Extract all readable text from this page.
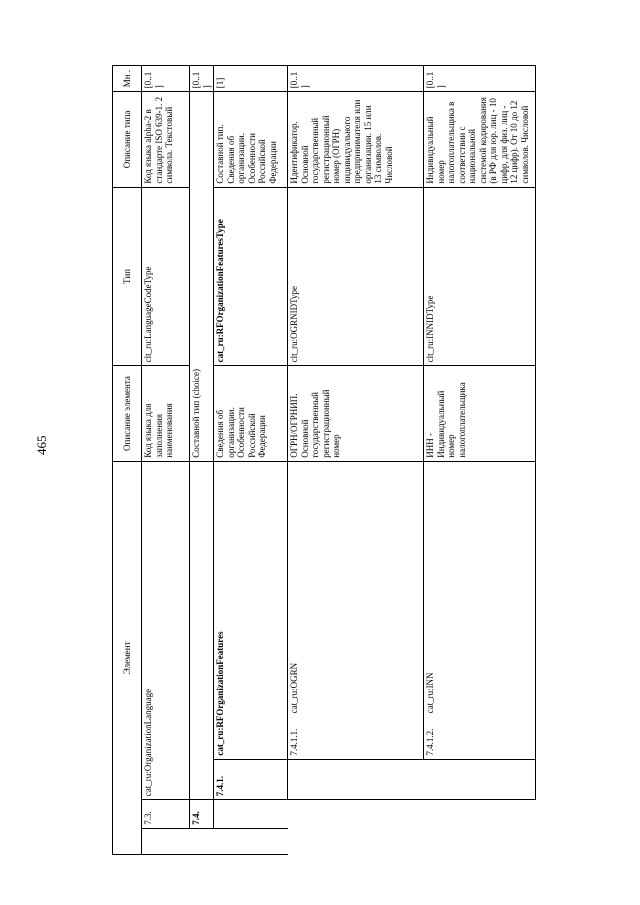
465
Элемент				Описание элемента	Тип	Описание типа	Мн .
	7.3.	cat_ru:OrganizationLanguage		Код языка для заполнения наименования	clt_ru:LanguageCodeType	Код языка alpha-2 в стандарте ISO 639-1. 2 символа. Текстовый	[0..1]
	7.4.			Составной тип (choice)			[0..1]
		7.4.1.	cat_ru:RFOrganizationFeatures	Сведения об организации. Особенности Российской Федерации	cat_ru:RFOrganizationFeaturesType	Составной тип. Сведения об организации. Особенности Российской Федерации	[1]
			7.4.1.1. cat_ru:OGRN	ОГРН/ОГРНИП. Основной государственный регистрационный номер	clt_ru:OGRNIDType	Идентификатор. Основной государственный регистрационный номер (ОГРН) индивидуального предпринимателя или организации. 15 или 13 символов. Числовой	[0..1]
			7.4.1.2. cat_ru:INN	ИНН - Индивидуальный номер налогоплательщика	clt_ru:INNIDType	Индивидуальный номер налогоплательщика в соответствии с национальной системой кодирования (в РФ для юр. лиц - 10 цифр, для физ. лиц - 12 цифр). От 10 до 12 символов. Числовой	[0..1]
